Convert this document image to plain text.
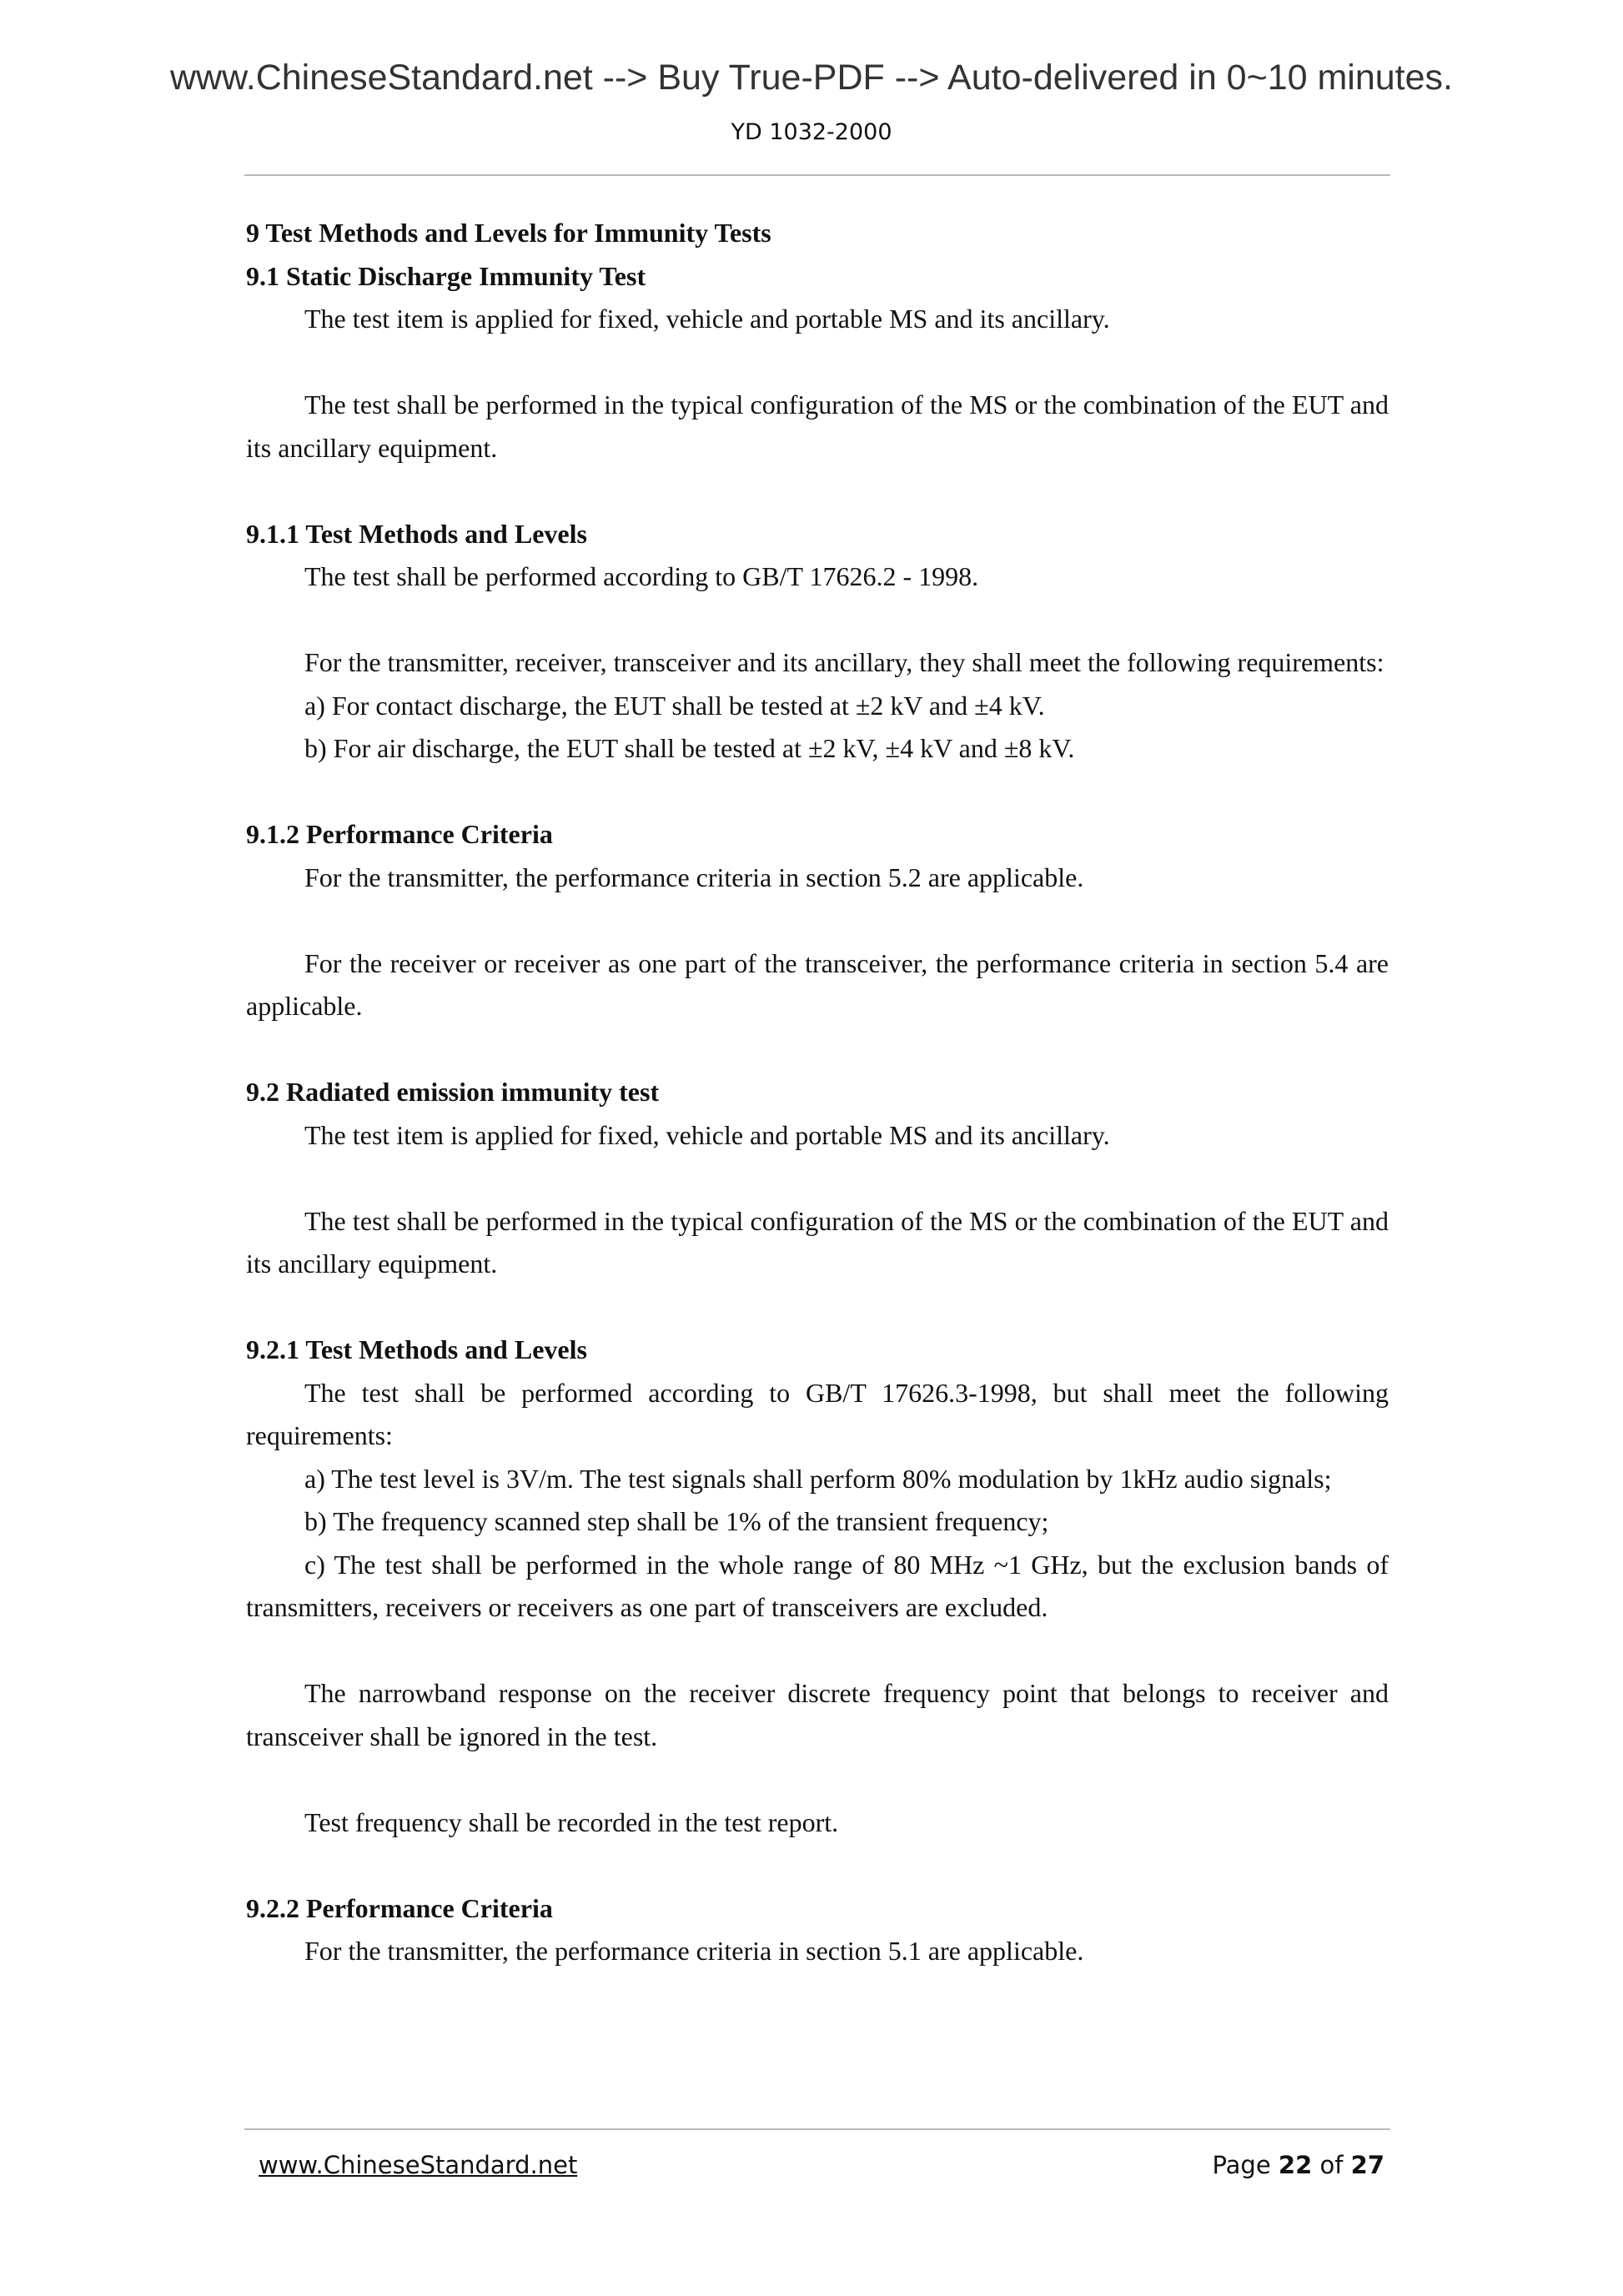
www.ChineseStandard.net --> Buy True-PDF --> Auto-delivered in 0~10 minutes.
YD 1032-2000

9 Test Methods and Levels for Immunity Tests

9.1 Static Discharge Immunity Test

The test item is applied for fixed, vehicle and portable MS and its ancillary.

The test shall be performed in the typical configuration of the MS or the combination of the EUT and its ancillary equipment.

9.1.1 Test Methods and Levels

The test shall be performed according to GB/T 17626.2 - 1998.

For the transmitter, receiver, transceiver and its ancillary, they shall meet the following requirements:

a) For contact discharge, the EUT shall be tested at ±2 kV and ±4 kV.

b) For air discharge, the EUT shall be tested at ±2 kV, ±4 kV and ±8 kV.

9.1.2 Performance Criteria

For the transmitter, the performance criteria in section 5.2 are applicable.

For the receiver or receiver as one part of the transceiver, the performance criteria in section 5.4 are applicable.

9.2 Radiated emission immunity test

The test item is applied for fixed, vehicle and portable MS and its ancillary.

The test shall be performed in the typical configuration of the MS or the combination of the EUT and its ancillary equipment.

9.2.1 Test Methods and Levels

The test shall be performed according to GB/T 17626.3-1998, but shall meet the following requirements:

a) The test level is 3V/m. The test signals shall perform 80% modulation by 1kHz audio signals;

b) The frequency scanned step shall be 1% of the transient frequency;

c) The test shall be performed in the whole range of 80 MHz ~1 GHz, but the exclusion bands of transmitters, receivers or receivers as one part of transceivers are excluded.

The narrowband response on the receiver discrete frequency point that belongs to receiver and transceiver shall be ignored in the test.

Test frequency shall be recorded in the test report.

9.2.2 Performance Criteria

For the transmitter, the performance criteria in section 5.1 are applicable.

www.ChineseStandard.net	Page 22 of 27
